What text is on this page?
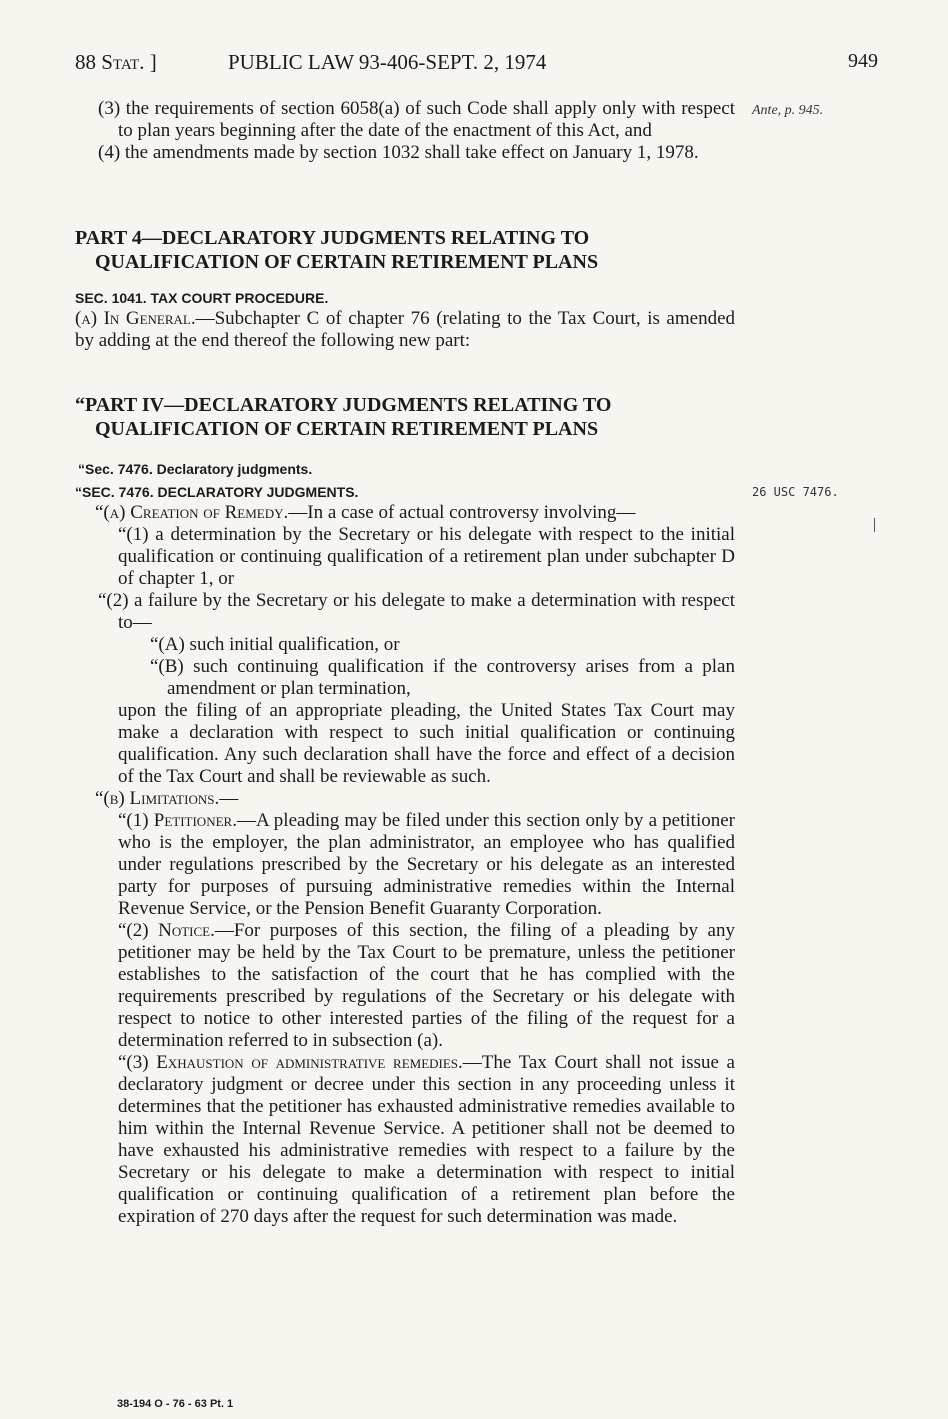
88 Stat. ]	PUBLIC LAW 93-406-SEPT. 2, 1974	949
Ante, p. 945.
26 USC 7476.

(3) the requirements of section 6058(a) of such Code shall apply only with respect to plan years beginning after the date of the enactment of this Act, and

(4) the amendments made by section 1032 shall take effect on January 1, 1978.

PART 4—DECLARATORY JUDGMENTS RELATING TO QUALIFICATION OF CERTAIN RETIREMENT PLANS

SEC. 1041. TAX COURT PROCEDURE.

(a) In General.—Subchapter C of chapter 76 (relating to the Tax Court, is amended by adding at the end thereof the following new part:

“PART IV—DECLARATORY JUDGMENTS RELATING TO QUALIFICATION OF CERTAIN RETIREMENT PLANS

“Sec. 7476. Declaratory judgments.
“SEC. 7476. DECLARATORY JUDGMENTS.

“(a) Creation of Remedy.—In a case of actual controversy involving—

“(1) a determination by the Secretary or his delegate with respect to the initial qualification or continuing qualification of a retirement plan under subchapter D of chapter 1, or

“(2) a failure by the Secretary or his delegate to make a determination with respect to—

“(A) such initial qualification, or

“(B) such continuing qualification if the controversy arises from a plan amendment or plan termination,

upon the filing of an appropriate pleading, the United States Tax Court may make a declaration with respect to such initial qualification or continuing qualification. Any such declaration shall have the force and effect of a decision of the Tax Court and shall be reviewable as such.

“(b) Limitations.—

“(1) Petitioner.—A pleading may be filed under this section only by a petitioner who is the employer, the plan administrator, an employee who has qualified under regulations prescribed by the Secretary or his delegate as an interested party for purposes of pursuing administrative remedies within the Internal Revenue Service, or the Pension Benefit Guaranty Corporation.

“(2) Notice.—For purposes of this section, the filing of a pleading by any petitioner may be held by the Tax Court to be premature, unless the petitioner establishes to the satisfaction of the court that he has complied with the requirements prescribed by regulations of the Secretary or his delegate with respect to notice to other interested parties of the filing of the request for a determination referred to in subsection (a).

“(3) Exhaustion of administrative remedies.—The Tax Court shall not issue a declaratory judgment or decree under this section in any proceeding unless it determines that the petitioner has exhausted administrative remedies available to him within the Internal Revenue Service. A petitioner shall not be deemed to have exhausted his administrative remedies with respect to a failure by the Secretary or his delegate to make a determination with respect to initial qualification or continuing qualification of a retirement plan before the expiration of 270 days after the request for such determination was made.

38-194 O - 76 - 63 Pt. 1
